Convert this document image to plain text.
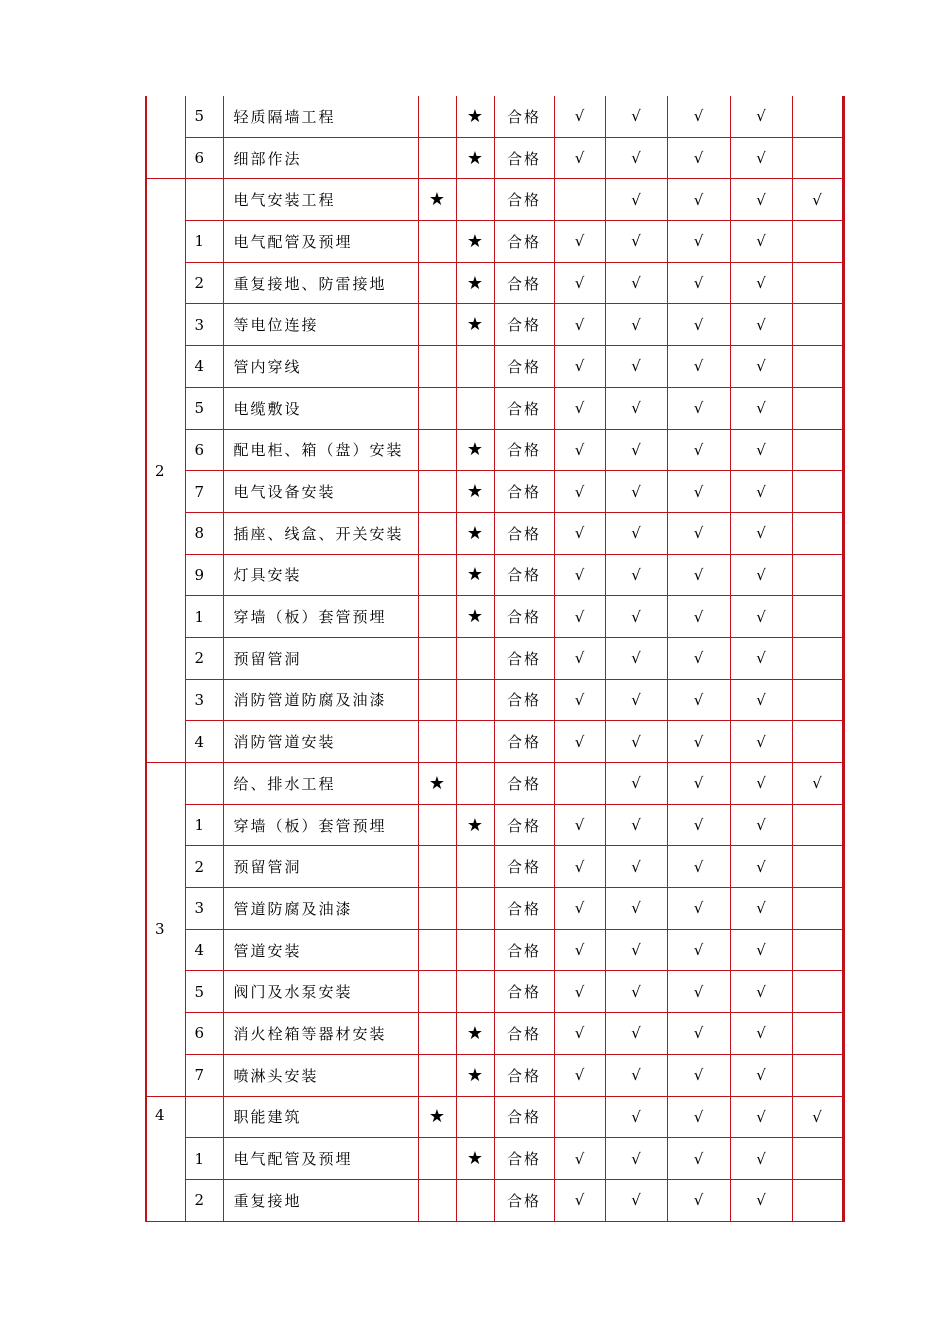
	5	轻质隔墙工程		★	合格	√	√	√	√	
	6	细部作法		★	合格	√	√	√	√	
2		电气安装工程	★		合格		√	√	√	√
	1	电气配管及预埋		★	合格	√	√	√	√	
	2	重复接地、防雷接地		★	合格	√	√	√	√	
	3	等电位连接		★	合格	√	√	√	√	
	4	管内穿线			合格	√	√	√	√	
	5	电缆敷设			合格	√	√	√	√	
	6	配电柜、箱（盘）安装		★	合格	√	√	√	√	
	7	电气设备安装		★	合格	√	√	√	√	
	8	插座、线盒、开关安装		★	合格	√	√	√	√	
	9	灯具安装		★	合格	√	√	√	√	
	1	穿墙（板）套管预埋		★	合格	√	√	√	√	
	2	预留管洞			合格	√	√	√	√	
	3	消防管道防腐及油漆			合格	√	√	√	√	
	4	消防管道安装			合格	√	√	√	√	
3		给、排水工程	★		合格		√	√	√	√
	1	穿墙（板）套管预埋		★	合格	√	√	√	√	
	2	预留管洞			合格	√	√	√	√	
	3	管道防腐及油漆			合格	√	√	√	√	
	4	管道安装			合格	√	√	√	√	
	5	阀门及水泵安装			合格	√	√	√	√	
	6	消火栓箱等器材安装		★	合格	√	√	√	√	
	7	喷淋头安装		★	合格	√	√	√	√	
4		职能建筑	★		合格		√	√	√	√
	1	电气配管及预埋		★	合格	√	√	√	√	
	2	重复接地			合格	√	√	√	√	
